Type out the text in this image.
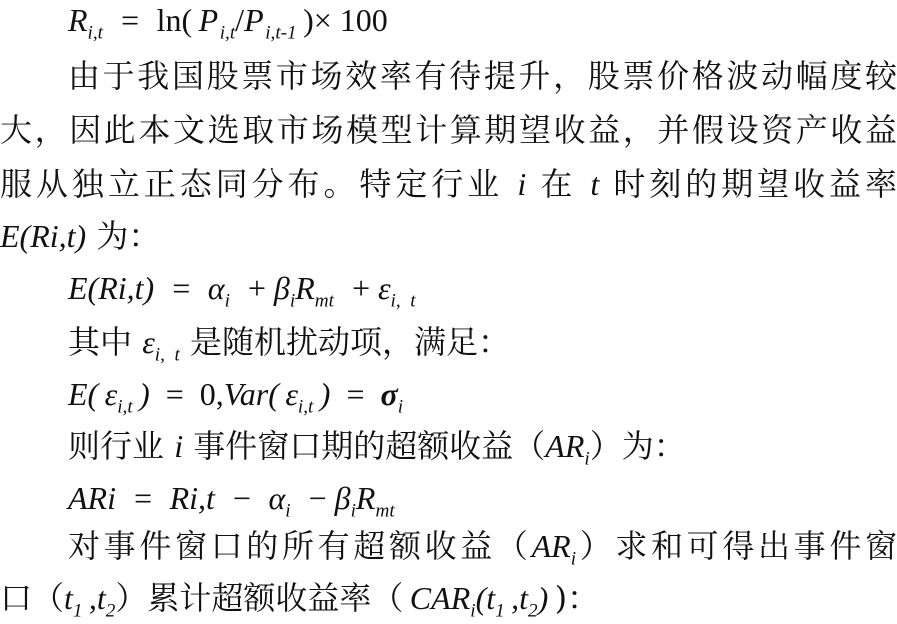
$R_{i,t}$ = ln(  P $_{i,t}$/P $_{i,t-1}$  )× 100
由于我国股票市场效率有待提升，股票价格波动幅度较
大，因此本文选取市场模型计算期望收益，并假设资产收益
服从独立正态同分布。特定行业 i 在 t 时刻的期望收益率
E(Ri,t) 为：
E(Ri,t) = $\alpha_i$ + $\beta_iR_{mt}$ + $\varepsilon_{i, t}$
其中 $\varepsilon_{i, t}$ 是随机扰动项，满足：
E( $\varepsilon_{i,t}$ ) = 0,Var( $\varepsilon_{i,t}$ ) =  $\sigma_i$
则行业 i 事件窗口期的超额收益$(AR_i)$为：
ARi = Ri,t − $\alpha_i$ − $\beta_iR_{mt}$
对事件窗口的所有超额收益$(AR_i)$求和可得出事件窗
口（$t_1$ $,t_2$）累计超额收益率（ $CAR_i(t_1$ $,t_2$) )：
